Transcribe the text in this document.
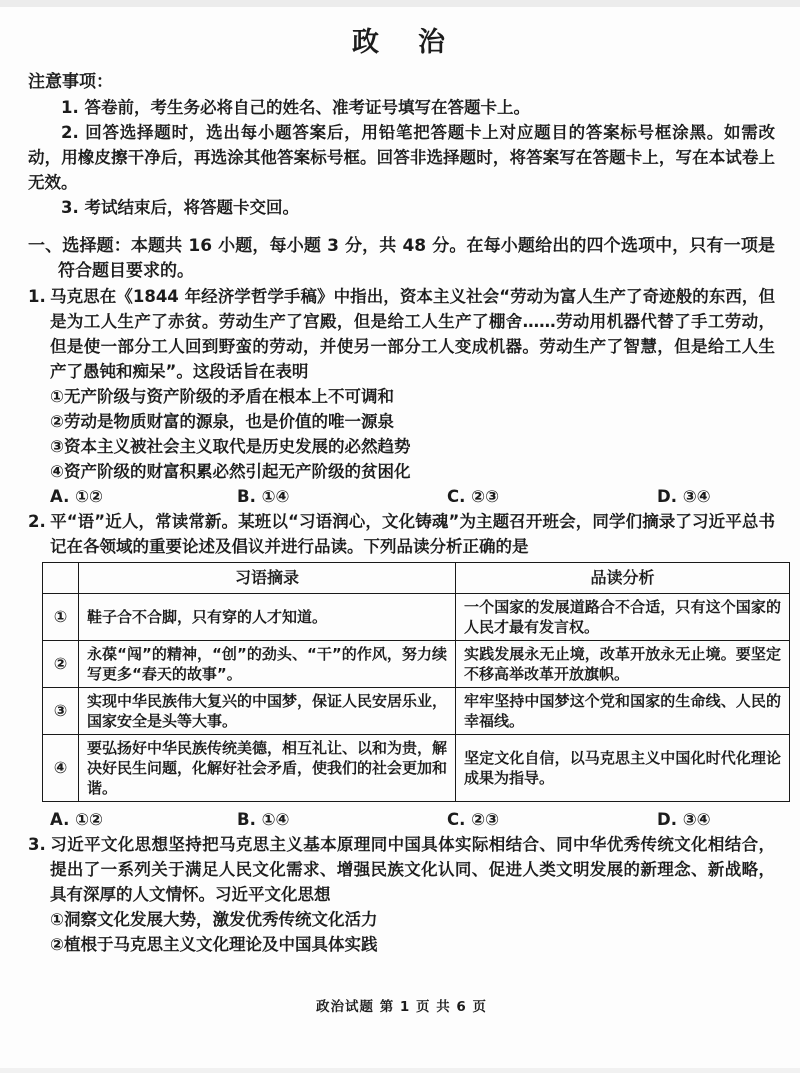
政　治

注意事项：

1. 答卷前，考生务必将自己的姓名、准考证号填写在答题卡上。

2. 回答选择题时，选出每小题答案后，用铅笔把答题卡上对应题目的答案标号框涂黑。如需改动，用橡皮擦干净后，再选涂其他答案标号框。回答非选择题时，将答案写在答题卡上，写在本试卷上无效。

3. 考试结束后，将答题卡交回。

一、选择题：本题共 16 小题，每小题 3 分，共 48 分。在每小题给出的四个选项中，只有一项是符合题目要求的。

1. 马克思在《1844 年经济学哲学手稿》中指出，资本主义社会“劳动为富人生产了奇迹般的东西，但是为工人生产了赤贫。劳动生产了宫殿，但是给工人生产了棚舍……劳动用机器代替了手工劳动，但是使一部分工人回到野蛮的劳动，并使另一部分工人变成机器。劳动生产了智慧，但是给工人生产了愚钝和痴呆”。这段话旨在表明

①无产阶级与资产阶级的矛盾在根本上不可调和

②劳动是物质财富的源泉，也是价值的唯一源泉

③资本主义被社会主义取代是历史发展的必然趋势

④资产阶级的财富积累必然引起无产阶级的贫困化

A. ①②	B. ①④	C. ②③	D. ③④

2. 平“语”近人，常读常新。某班以“习语润心，文化铸魂”为主题召开班会，同学们摘录了习近平总书记在各领域的重要论述及倡议并进行品读。下列品读分析正确的是

	习语摘录	品读分析
①	鞋子合不合脚，只有穿的人才知道。	一个国家的发展道路合不合适，只有这个国家的人民才最有发言权。
②	永葆“闯”的精神，“创”的劲头、“干”的作风，努力续写更多“春天的故事”。	实践发展永无止境，改革开放永无止境。要坚定不移高举改革开放旗帜。
③	实现中华民族伟大复兴的中国梦，保证人民安居乐业，国家安全是头等大事。	牢牢坚持中国梦这个党和国家的生命线、人民的幸福线。
④	要弘扬好中华民族传统美德，相互礼让、以和为贵，解决好民生问题，化解好社会矛盾，使我们的社会更加和谐。	坚定文化自信，以马克思主义中国化时代化理论成果为指导。
A. ①②	B. ①④	C. ②③	D. ③④

3. 习近平文化思想坚持把马克思主义基本原理同中国具体实际相结合、同中华优秀传统文化相结合，提出了一系列关于满足人民文化需求、增强民族文化认同、促进人类文明发展的新理念、新战略，具有深厚的人文情怀。习近平文化思想

①洞察文化发展大势，激发优秀传统文化活力

②植根于马克思主义文化理论及中国具体实践

政治试题 第 1 页 共 6 页
